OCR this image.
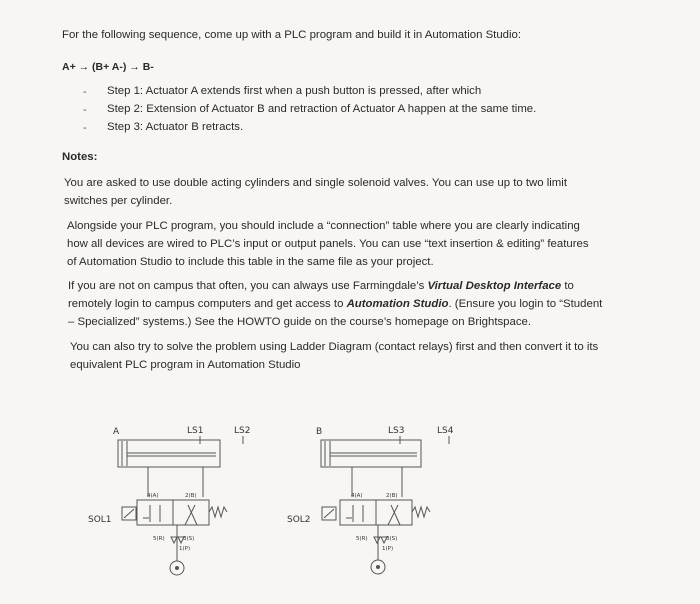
For the following sequence, come up with a PLC program and build it in Automation Studio:
A+ → (B+ A-) → B-
-
-
-
Step 1: Actuator A extends first when a push button is pressed, after which
Step 2: Extension of Actuator B and retraction of Actuator A happen at the same time.
Step 3: Actuator B retracts.
Notes:
You are asked to use double acting cylinders and single solenoid valves. You can use up to two limit
switches per cylinder.
Alongside your PLC program, you should include a “connection” table where you are clearly indicating
how all devices are wired to PLC’s input or output panels. You can use “text insertion & editing” features
of Automation Studio to include this table in the same file as your project.
If you are not on campus that often, you can always use Farmingdale’s Virtual Desktop Interface to
remotely login to campus computers and get access to Automation Studio. (Ensure you login to “Student
– Specialized” systems.) See the HOWTO guide on the course’s homepage on Brightspace.
You can also try to solve the problem using Ladder Diagram (contact relays) first and then convert it to its
equivalent PLC program in Automation Studio
A	LS1	LS2
4(A)	2(B)
SOL1
5(R)	3(S)
1(P)
B	LS3	LS4
4(A)	2(B)
SOL2
5(R)	3(S)
1(P)
